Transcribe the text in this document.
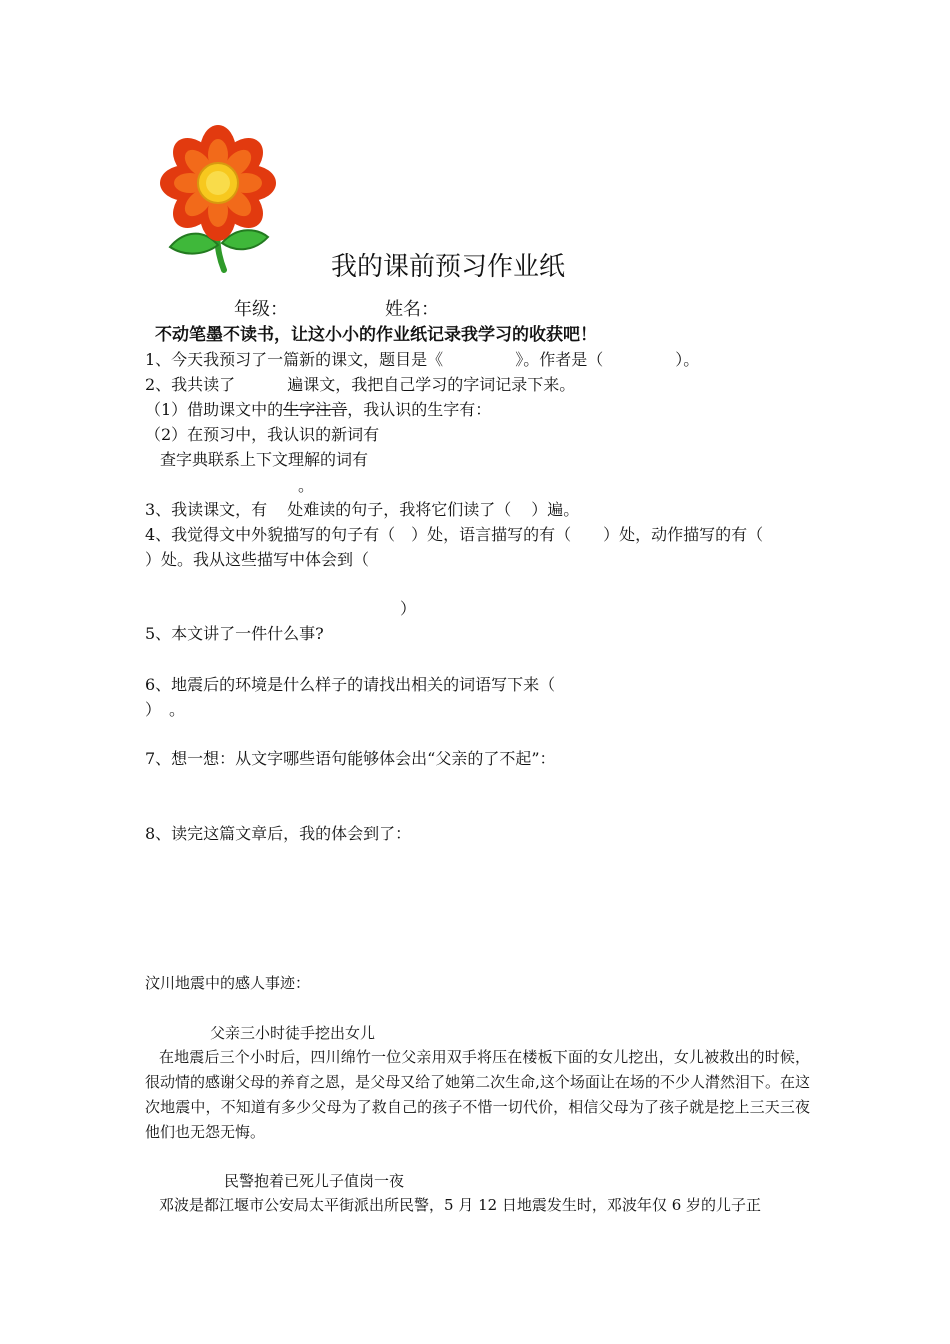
我的课前预习作业纸
年级：	姓名：
不动笔墨不读书，让这小小的作业纸记录我学习的收获吧！
1、今天我预习了一篇新的课文，题目是《	》。作者是（	）。
2、我共读了	遍课文，我把自己学习的字词记录下来。
（1）借助课文中的生字注音，我认识的生字有：
（2）在预习中，我认识的新词有
查字典联系上下文理解的词有
。
3、我读课文，有 处难读的句子，我将它们读了（ ）遍。
4、我觉得文中外貌描写的句子有（　）处，语言描写的有（　　）处，动作描写的有（
）处。我从这些描写中体会到（
）
5、本文讲了一件什么事?
6、地震后的环境是什么样子的请找出相关的词语写下来（
）　。
7、想一想：从文字哪些语句能够体会出“父亲的了不起”：
8、读完这篇文章后，我的体会到了：
汶川地震中的感人事迹：
父亲三小时徒手挖出女儿
在地震后三个小时后，四川绵竹一位父亲用双手将压在楼板下面的女儿挖出，女儿被救出的时候，很动情的感谢父母的养育之恩，是父母又给了她第二次生命,这个场面让在场的不少人潸然泪下。在这次地震中，不知道有多少父母为了救自己的孩子不惜一切代价，相信父母为了孩子就是挖上三天三夜他们也无怨无悔。
民警抱着已死儿子值岗一夜
邓波是都江堰市公安局太平街派出所民警，5 月 12 日地震发生时，邓波年仅 6 岁的儿子正
